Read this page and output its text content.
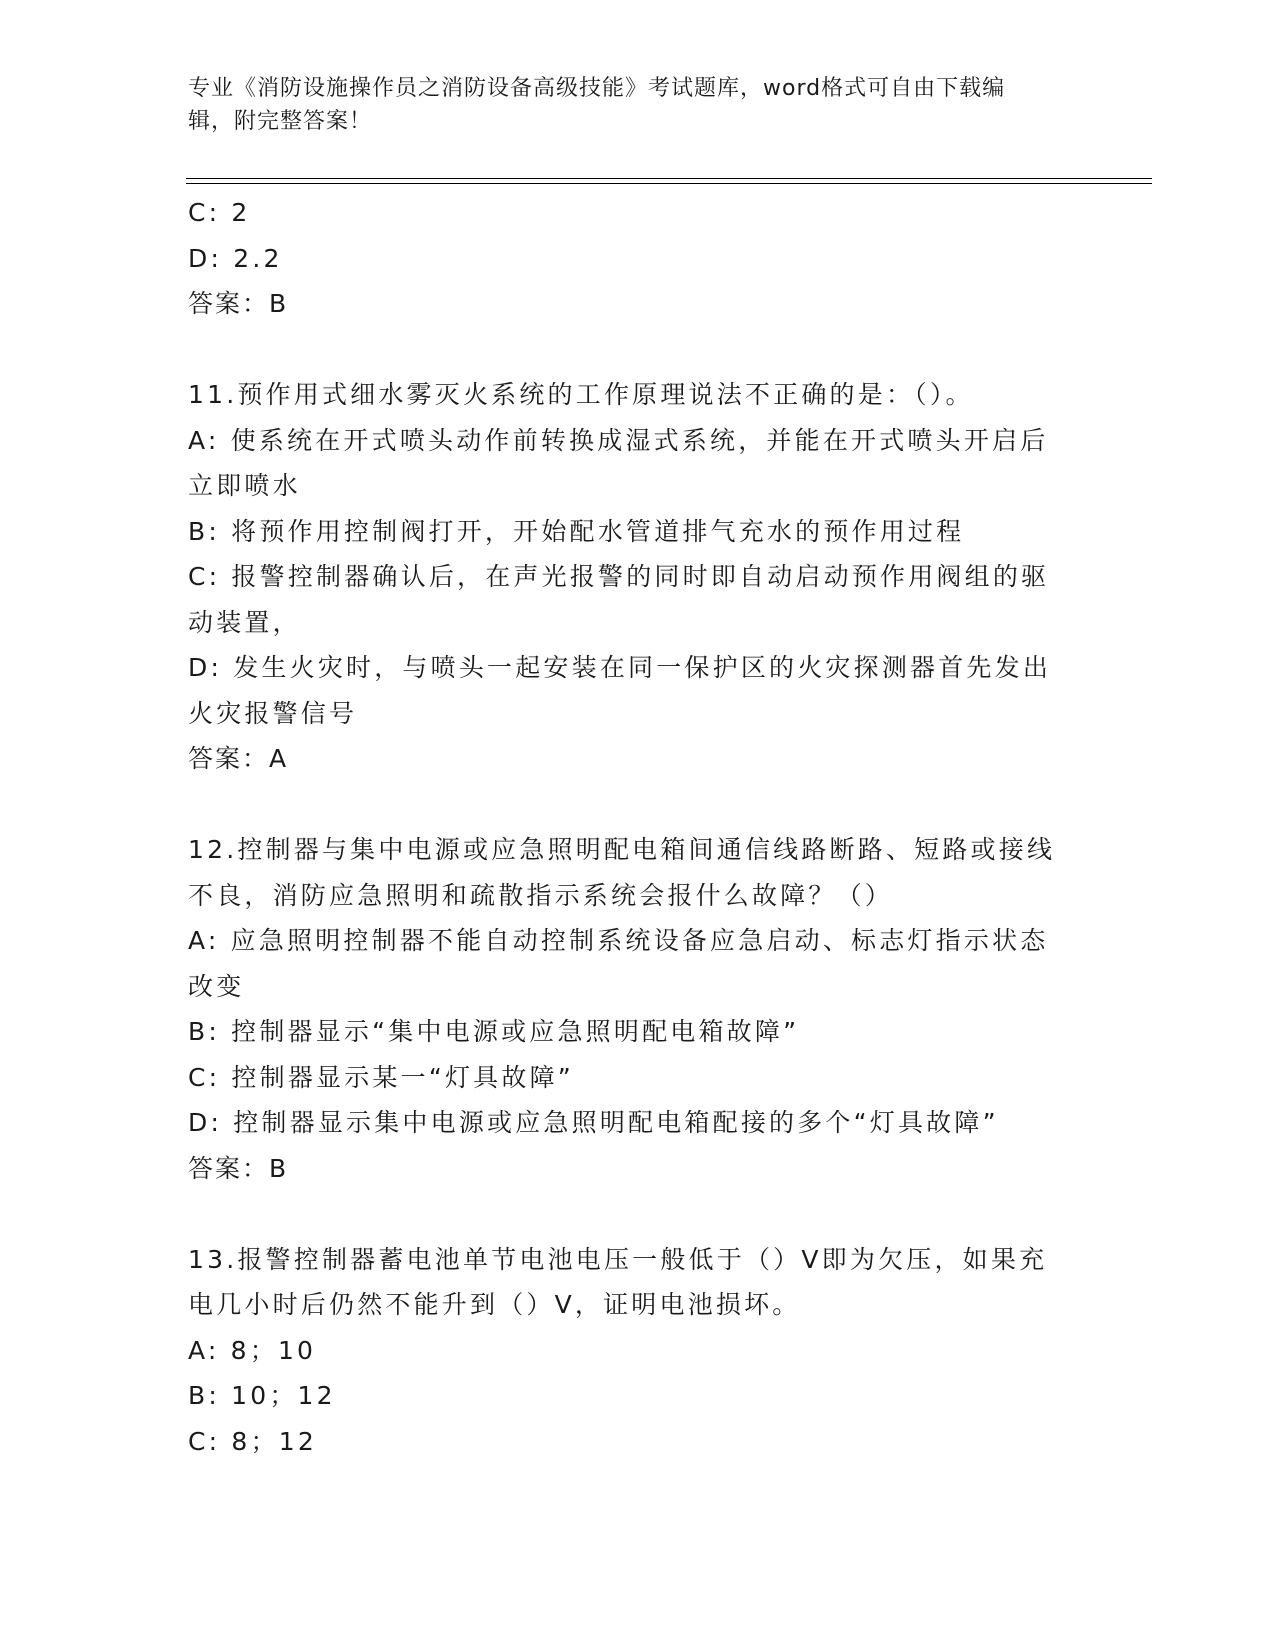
专业《消防设施操作员之消防设备高级技能》考试题库，word格式可自由下载编
辑，附完整答案！
C: 2
D: 2.2
答案：B
11.预作用式细水雾灭火系统的工作原理说法不正确的是：（）。
A: 使系统在开式喷头动作前转换成湿式系统，并能在开式喷头开启后
立即喷水
B: 将预作用控制阀打开，开始配水管道排气充水的预作用过程
C: 报警控制器确认后，在声光报警的同时即自动启动预作用阀组的驱
动装置，
D: 发生火灾时，与喷头一起安装在同一保护区的火灾探测器首先发出
火灾报警信号
答案：A
12.控制器与集中电源或应急照明配电箱间通信线路断路、短路或接线
不良，消防应急照明和疏散指示系统会报什么故障？（）
A: 应急照明控制器不能自动控制系统设备应急启动、标志灯指示状态
改变
B: 控制器显示“集中电源或应急照明配电箱故障”
C: 控制器显示某一“灯具故障”
D: 控制器显示集中电源或应急照明配电箱配接的多个“灯具故障”
答案：B
13.报警控制器蓄电池单节电池电压一般低于（）V即为欠压，如果充
电几小时后仍然不能升到（）V，证明电池损坏。
A: 8；10
B: 10；12
C: 8；12
